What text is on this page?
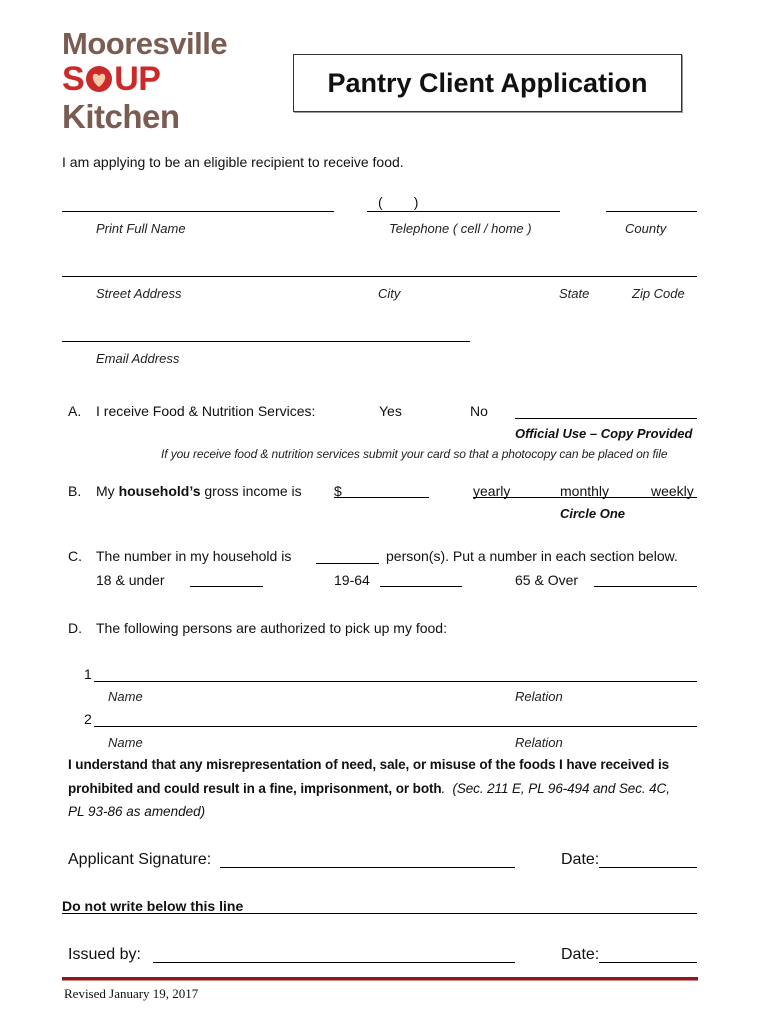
Mooresville
S UP
Kitchen
Pantry Client Application
I am applying to be an eligible recipient to receive food.
(        )
Print Full Name	Telephone ( cell / home )	County
Street Address	City	State	Zip Code
Email Address
A. I receive Food & Nutrition Services:	Yes	No
Official Use – Copy Provided
If you receive food & nutrition services submit your card so that a photocopy can be placed on file
B. My household’s gross income is $	yearly	monthly	weekly
Circle One
C. The number in my household is	person(s). Put a number in each section below.
18 & under	19-64	65 & Over
D. The following persons are authorized to pick up my food:
1
Name	Relation
2
Name	Relation
I understand that any misrepresentation of need, sale, or misuse of the foods I have received is
prohibited and could result in a fine, imprisonment, or both.  (Sec. 211 E, PL 96-494 and Sec. 4C,
PL 93-86 as amended)
Applicant Signature:	Date:
Do not write below this line
Issued by:	Date:
Revised January 19, 2017
